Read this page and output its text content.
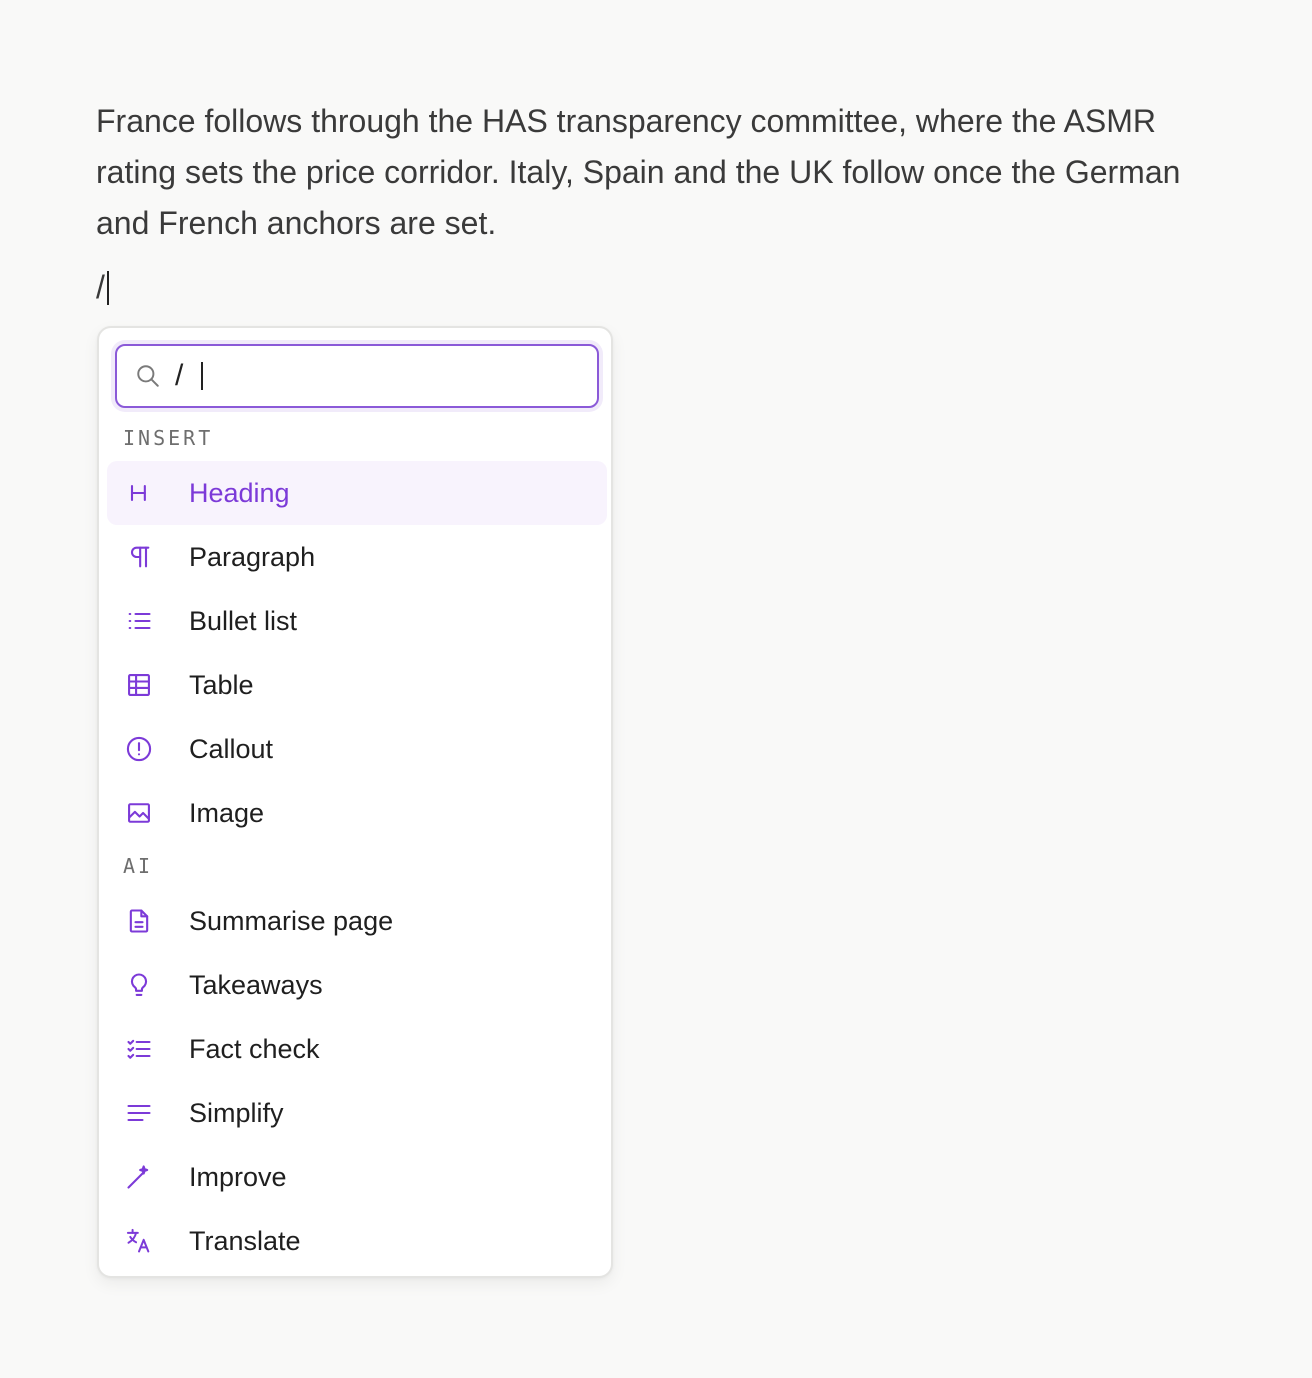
France follows through the HAS transparency committee, where the ASMR rating sets the price corridor. Italy, Spain and the UK follow once the German and French anchors are set.

/
/
INSERT
Heading
Paragraph
Bullet list
Table
Callout
Image
AI
Summarise page
Takeaways
Fact check
Simplify
Improve
Translate
